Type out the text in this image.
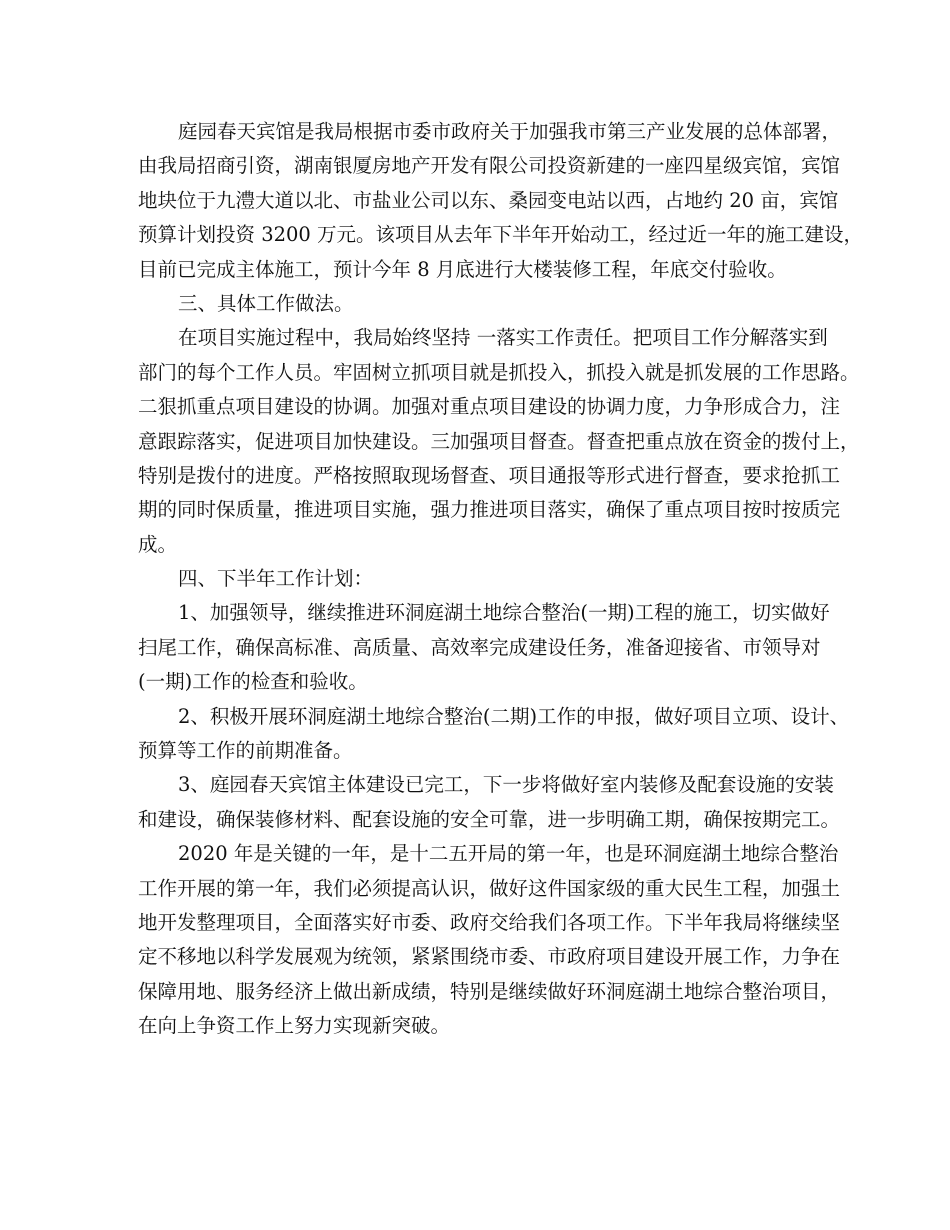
庭园春天宾馆是我局根据市委市政府关于加强我市第三产业发展的总体部署，
由我局招商引资，湖南银厦房地产开发有限公司投资新建的一座四星级宾馆，宾馆
地块位于九澧大道以北、市盐业公司以东、桑园变电站以西，占地约 20 亩，宾馆
预算计划投资 3200 万元。该项目从去年下半年开始动工，经过近一年的施工建设，
目前已完成主体施工，预计今年 8 月底进行大楼装修工程，年底交付验收。
三、具体工作做法。
在项目实施过程中，我局始终坚持 一落实工作责任。把项目工作分解落实到
部门的每个工作人员。牢固树立抓项目就是抓投入，抓投入就是抓发展的工作思路。
二狠抓重点项目建设的协调。加强对重点项目建设的协调力度，力争形成合力，注
意跟踪落实，促进项目加快建设。三加强项目督查。督查把重点放在资金的拨付上，
特别是拨付的进度。严格按照取现场督查、项目通报等形式进行督查，要求抢抓工
期的同时保质量，推进项目实施，强力推进项目落实，确保了重点项目按时按质完
成。
四、下半年工作计划：
1、加强领导，继续推进环洞庭湖土地综合整治(一期)工程的施工，切实做好
扫尾工作，确保高标准、高质量、高效率完成建设任务，准备迎接省、市领导对
(一期)工作的检查和验收。
2、积极开展环洞庭湖土地综合整治(二期)工作的申报，做好项目立项、设计、
预算等工作的前期准备。
3、庭园春天宾馆主体建设已完工，下一步将做好室内装修及配套设施的安装
和建设，确保装修材料、配套设施的安全可靠，进一步明确工期，确保按期完工。
2020 年是关键的一年，是十二五开局的第一年，也是环洞庭湖土地综合整治
工作开展的第一年，我们必须提高认识，做好这件国家级的重大民生工程，加强土
地开发整理项目，全面落实好市委、政府交给我们各项工作。下半年我局将继续坚
定不移地以科学发展观为统领，紧紧围绕市委、市政府项目建设开展工作，力争在
保障用地、服务经济上做出新成绩，特别是继续做好环洞庭湖土地综合整治项目，
在向上争资工作上努力实现新突破。
